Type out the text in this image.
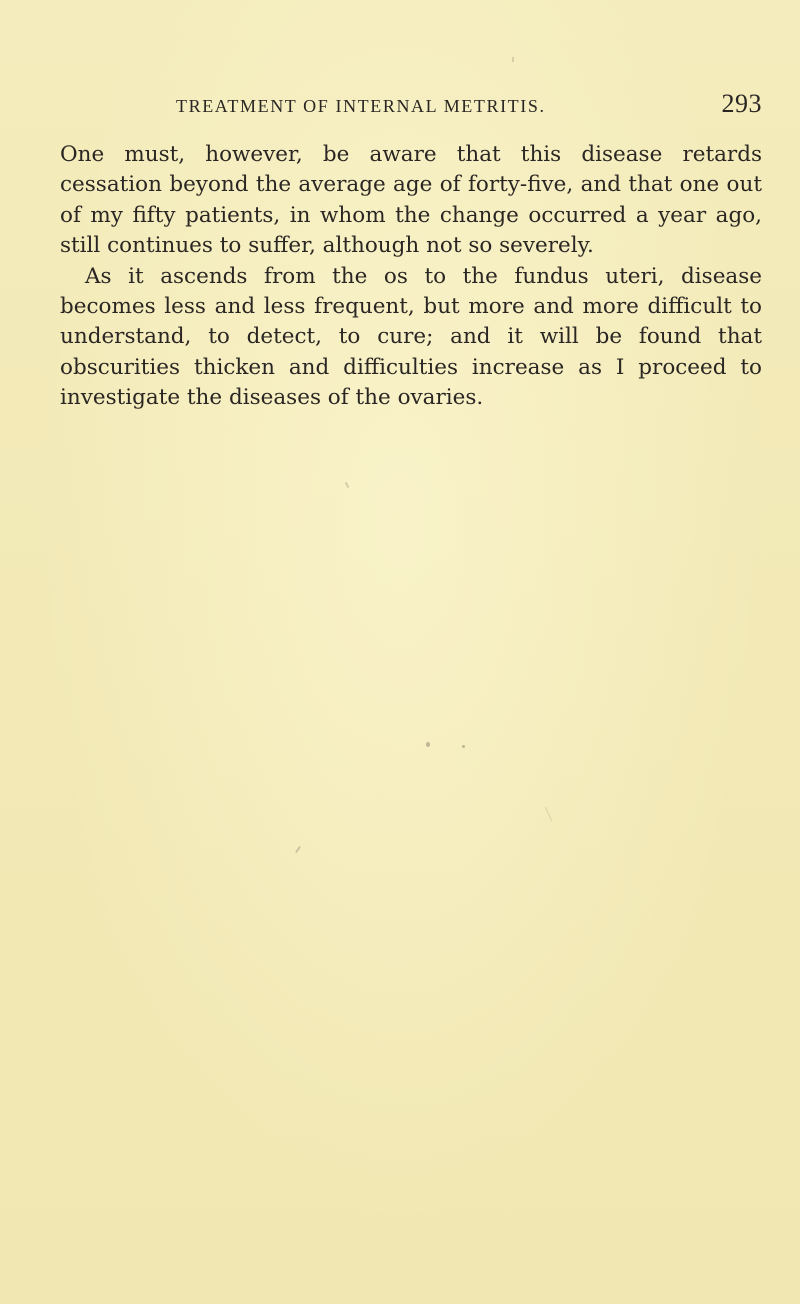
TREATMENT OF INTERNAL METRITIS.	293

One must, however, be aware that this disease retards cessation beyond the average age of forty-five, and that one out of my fifty patients, in whom the change occurred a year ago, still continues to suffer, although not so severely.

As it ascends from the os to the fundus uteri, disease becomes less and less frequent, but more and more difficult to understand, to detect, to cure; and it will be found that obscurities thicken and difficulties increase as I proceed to investigate the diseases of the ovaries.
